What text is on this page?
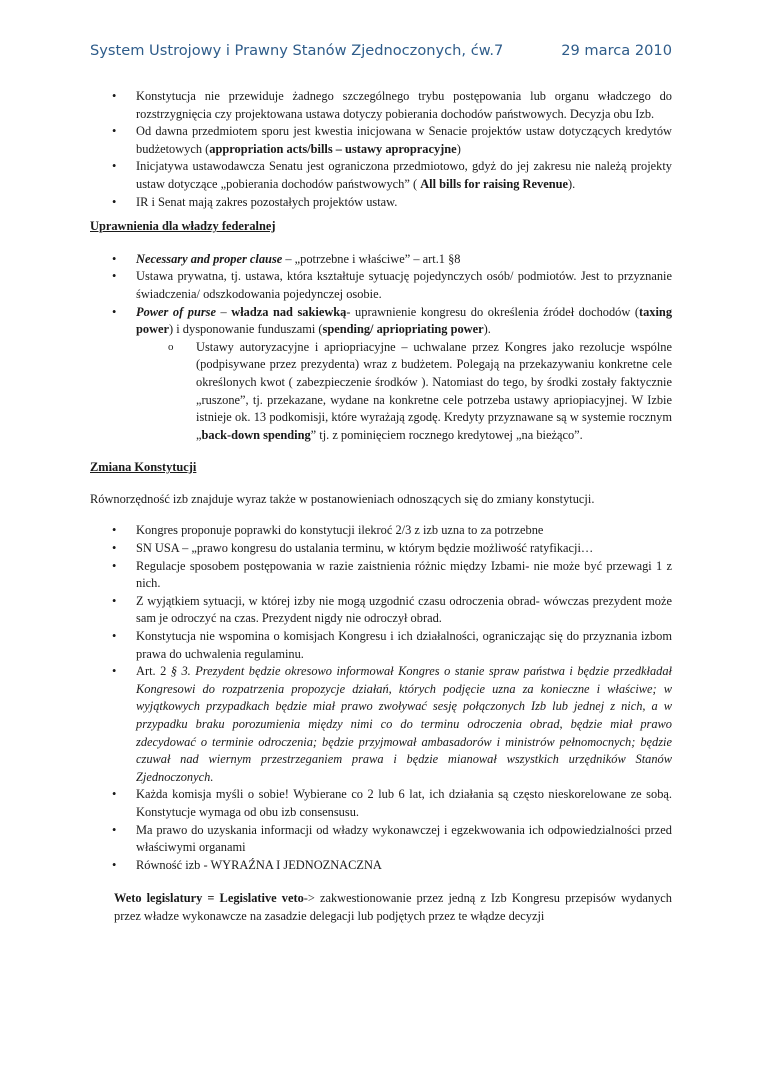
System Ustrojowy i Prawny Stanów Zjednoczonych, ćw.7	29 marca 2010
• Konstytucja nie przewiduje żadnego szczególnego trybu postępowania lub organu władczego do rozstrzygnięcia czy projektowana ustawa dotyczy pobierania dochodów państwowych. Decyzja obu Izb.
• Od dawna przedmiotem sporu jest kwestia inicjowana w Senacie projektów ustaw dotyczących kredytów budżetowych (appropriation acts/bills – ustawy apropracyjne)
• Inicjatywa ustawodawcza Senatu jest ograniczona przedmiotowo, gdyż do jej zakresu nie należą projekty ustaw dotyczące „pobierania dochodów państwowych” ( All bills for raising Revenue).
• IR i Senat mają zakres pozostałych projektów ustaw.
Uprawnienia dla władzy federalnej
• Necessary and proper clause – „potrzebne i właściwe” – art.1 §8
• Ustawa prywatna, tj. ustawa, która kształtuje sytuację pojedynczych osób/ podmiotów. Jest to przyznanie świadczenia/ odszkodowania pojedynczej osobie.
• Power of purse – władza nad sakiewką- uprawnienie kongresu do określenia źródeł dochodów (taxing power) i dysponowanie funduszami (spending/ apriopriating power).
o Ustawy autoryzacyjne i apriopriacyjne – uchwalane przez Kongres jako rezolucje wspólne (podpisywane przez prezydenta) wraz z budżetem. Polegają na przekazywaniu konkretne cele określonych kwot ( zabezpieczenie środków ). Natomiast do tego, by środki zostały faktycznie „ruszone”, tj. przekazane, wydane na konkretne cele potrzeba ustawy apriopiacyjnej. W Izbie istnieje ok. 13 podkomisji, które wyrażają zgodę. Kredyty przyznawane są w systemie rocznym „back-down spending” tj. z pominięciem rocznego kredytowej „na bieżąco”.
Zmiana Konstytucji

Równorzędność izb znajduje wyraz także w postanowieniach odnoszących się do zmiany konstytucji.

• Kongres proponuje poprawki do konstytucji ilekroć 2/3 z izb uzna to za potrzebne
• SN USA – „prawo kongresu do ustalania terminu, w którym będzie możliwość ratyfikacji…
• Regulacje sposobem postępowania w razie zaistnienia różnic między Izbami- nie może być przewagi 1 z nich.
• Z wyjątkiem sytuacji, w której izby nie mogą uzgodnić czasu odroczenia obrad- wówczas prezydent może sam je odroczyć na czas. Prezydent nigdy nie odroczył obrad.
• Konstytucja nie wspomina o komisjach Kongresu i ich działalności, ograniczając się do przyznania izbom prawa do uchwalenia regulaminu.
• Art. 2 § 3. Prezydent będzie okresowo informował Kongres o stanie spraw państwa i będzie przedkładał Kongresowi do rozpatrzenia propozycje działań, których podjęcie uzna za konieczne i właściwe; w wyjątkowych przypadkach będzie miał prawo zwoływać sesję połączonych Izb lub jednej z nich, a w przypadku braku porozumienia między nimi co do terminu odroczenia obrad, będzie miał prawo zdecydować o terminie odroczenia; będzie przyjmował ambasadorów i ministrów pełnomocnych; będzie czuwał nad wiernym przestrzeganiem prawa i będzie mianował wszystkich urzędników Stanów Zjednoczonych.
• Każda komisja myśli o sobie! Wybierane co 2 lub 6 lat, ich działania są często nieskorelowane ze sobą. Konstytucje wymaga od obu izb consensusu.
• Ma prawo do uzyskania informacji od władzy wykonawczej i egzekwowania ich odpowiedzialności przed właściwymi organami
• Równość izb - WYRAŹNA I JEDNOZNACZNA

Weto legislatury = Legislative veto-> zakwestionowanie przez jedną z Izb Kongresu przepisów wydanych przez władze wykonawcze na zasadzie delegacji lub podjętych przez te włądze decyzji
